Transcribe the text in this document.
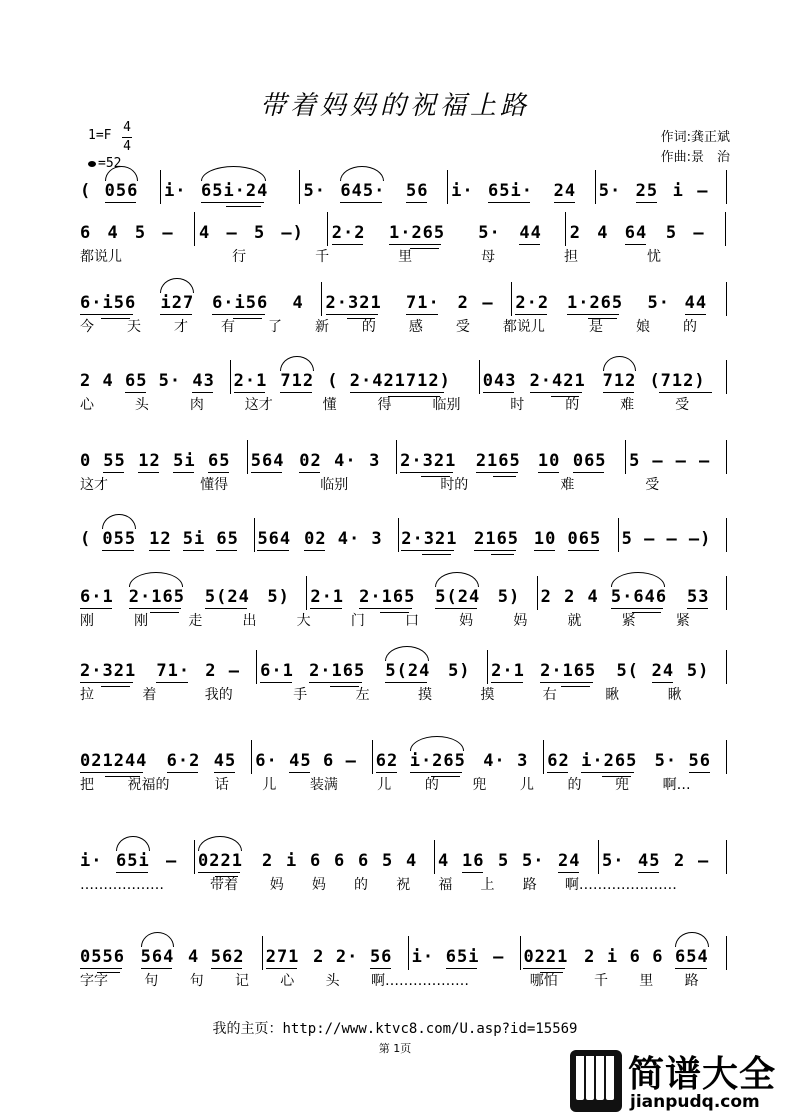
带着妈妈的祝福上路
1=F
4
4
=52
作词:龚正斌
作曲:景　治
( 056 i· 65i·24 5· 645· 56 i· 65i· 24 5· 25 i –
6 4 5 – 4 – 5 –) 2·2 1·265 5· 44 2 4 64 5 –
都说儿	行	千	里	母	担	忧
6·i56 i27 6·i56 4 2·321 71· 2 – 2·2 1·265 5· 44
今 天 才 有 了 新 的 感 受 都说儿	是 娘 的
2 4 65 5· 43 2·1 712 ( 2·421712) 043 2·421 712 (712)
心	头	肉	这才	懂	得	临别	时	的	难	受
0 55 12 5i 65 564 02 4· 3 2·321 2165 10 065 5 – – –
这才	懂得	临别	时的	难	受
( 055 12 5i 65 564 02 4· 3 2·321 2165 10 065 5 – – –)
6·1 2·165 5(24 5) 2·1 2·165 5(24 5) 2 2 4 5·646 53
刚	刚	走	出	大	门	口	妈	妈	就	紧	紧
2·321 71· 2 – 6·1 2·165 5(24 5) 2·1 2·165 5( 24 5)
拉	着	我的	手	左	摸	摸	右	瞅	瞅
021244 6·2 45 6· 45 6 – 62 i·265 4· 3 62 i·265 5· 56
把 祝福的	话 儿 装满	儿 的 兜 儿 的 兜 啊…
i· 65i – 0221 2 i 6 6 6 5 4 4 16 5 5· 24 5· 45 2 –
………………	带着 妈 妈 的 祝 福 上 路 啊…………………
0556 564 4 562 271 2 2· 56 i· 65i – 0221 2 i 6 6 654
字字	句 句 记 心 头 啊………………	哪怕	千 里 路
我的主页：http://www.ktvc8.com/U.asp?id=15569
第 1页
简谱大全
jianpudq.com
